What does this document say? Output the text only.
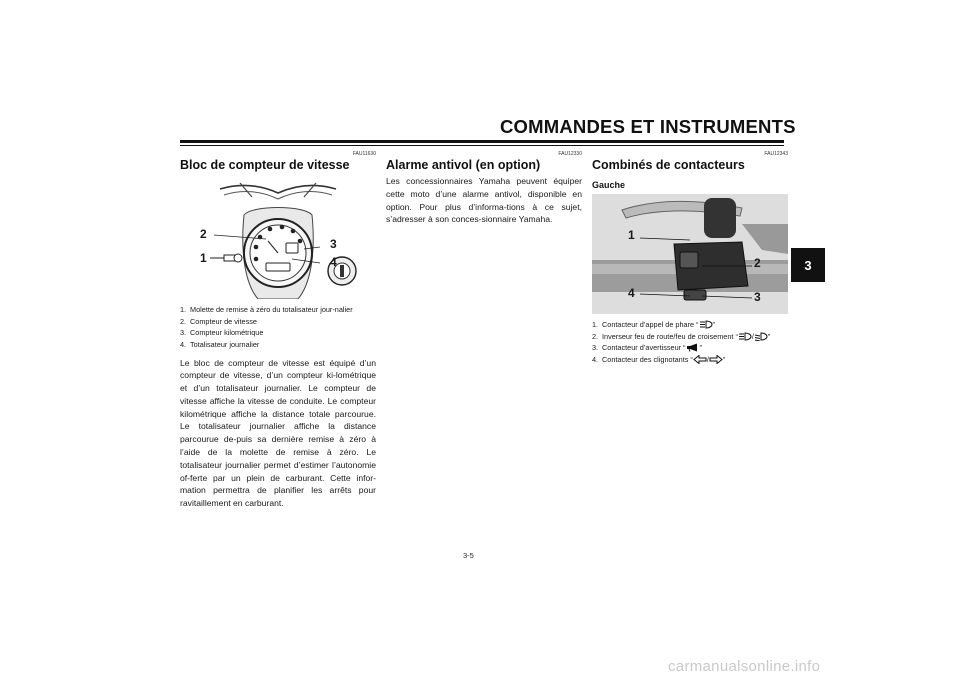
COMMANDES ET INSTRUMENTS
3
FAU11630
Bloc de compteur de vitesse
2
1
3
4
1. Molette de remise à zéro du totalisateur jour-nalier
2. Compteur de vitesse
3. Compteur kilométrique
4. Totalisateur journalier

Le bloc de compteur de vitesse est équipé d’un compteur de vitesse, d’un compteur ki-lométrique et d’un totalisateur journalier. Le compteur de vitesse affiche la vitesse de conduite. Le compteur kilométrique affiche la distance totale parcourue. Le totalisateur journalier affiche la distance parcourue de-puis sa dernière remise à zéro à l’aide de la molette de remise à zéro. Le totalisateur journalier permet d’estimer l’autonomie of-ferte par un plein de carburant. Cette infor-mation permettra de planifier les arrêts pour ravitaillement en carburant.

FAU12330
Alarme antivol (en option)

Les concessionnaires Yamaha peuvent équiper cette moto d’une alarme antivol, disponible en option. Pour plus d’informa-tions à ce sujet, s’adresser à son conces-sionnaire Yamaha.

FAU12343
Combinés de contacteurs
Gauche
1
2
4	3
1. Contacteur d’appel de phare “ ”
2. Inverseur feu de route/feu de croisement “ / ”
3. Contacteur d’avertisseur “ ”
4. Contacteur des clignotants “ / ”
3-5
carmanualsonline.info
